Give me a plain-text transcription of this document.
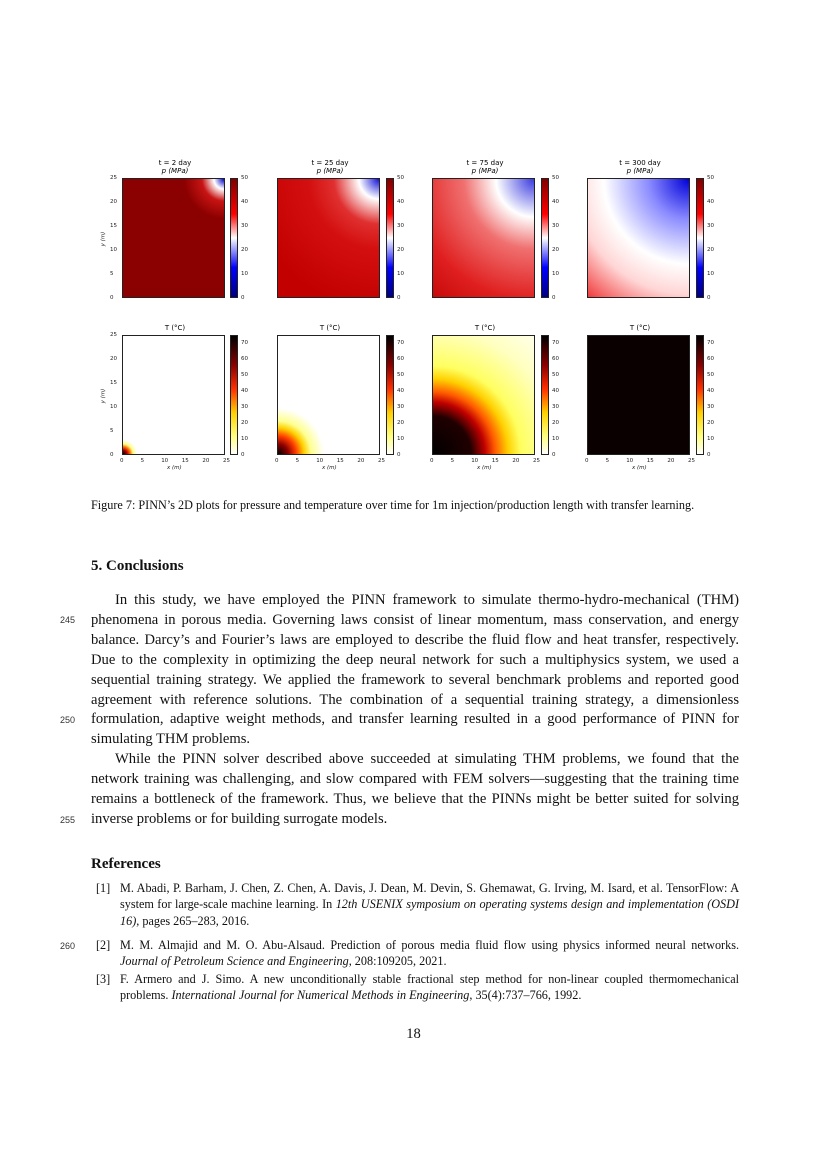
t = 2 day
p (MPa)
t = 25 day
p (MPa)
t = 75 day
p (MPa)
t = 300 day
p (MPa)
T (°C)	T (°C)	T (°C)	T (°C)
y (m)
y (m)
x (m)	x (m)	x (m)	x (m)
25
20
15
10
5
0
25
20
15
10
5
0
0	5	10 15 20 25	0	5	10 15 20 25	0	5	10 15 20 25	0	5	10 15 20 25
50
40
30
20
10
0
50
40
30
20
10
0
50
40
30
20
10
0
50
40
30
20
10
0
70
60
50
40
30
20
10
0
70
60
50
40
30
20
10
0
70
60
50
40
30
20
10
0
70
60
50
40
30
20
10
0
Figure 7: PINN’s 2D plots for pressure and temperature over time for 1m injection/production length with transfer learning.
5. Conclusions

In this study, we have employed the PINN framework to simulate thermo-hydro-mechanical (THM) phenomena in porous media. Governing laws consist of linear momentum, mass conservation, and energy balance. Darcy’s and Fourier’s laws are employed to describe the fluid flow and heat transfer, respectively. Due to the complexity in optimizing the deep neural network for such a multiphysics system, we used a sequential training strategy. We applied the framework to several benchmark problems and reported good agreement with reference solutions. The combination of a sequential training strategy, a dimensionless formulation, adaptive weight methods, and transfer learning resulted in a good performance of PINN for simulating THM problems.

While the PINN solver described above succeeded at simulating THM problems, we found that the network training was challenging, and slow compared with FEM solvers—suggesting that the training time remains a bottleneck of the framework. Thus, we believe that the PINNs might be better suited for solving inverse problems or for building surrogate models.

245
250
255
260
References
[1] M. Abadi, P. Barham, J. Chen, Z. Chen, A. Davis, J. Dean, M. Devin, S. Ghemawat, G. Irving, M. Isard, et al. TensorFlow: A system for large-scale machine learning. In 12th USENIX symposium on operating systems design and implementation (OSDI 16), pages 265–283, 2016.
[2] M. M. Almajid and M. O. Abu-Alsaud. Prediction of porous media fluid flow using physics informed neural networks. Journal of Petroleum Science and Engineering, 208:109205, 2021.
[3] F. Armero and J. Simo. A new unconditionally stable fractional step method for non-linear coupled thermomechanical problems. International Journal for Numerical Methods in Engineering, 35(4):737–766, 1992.
18
